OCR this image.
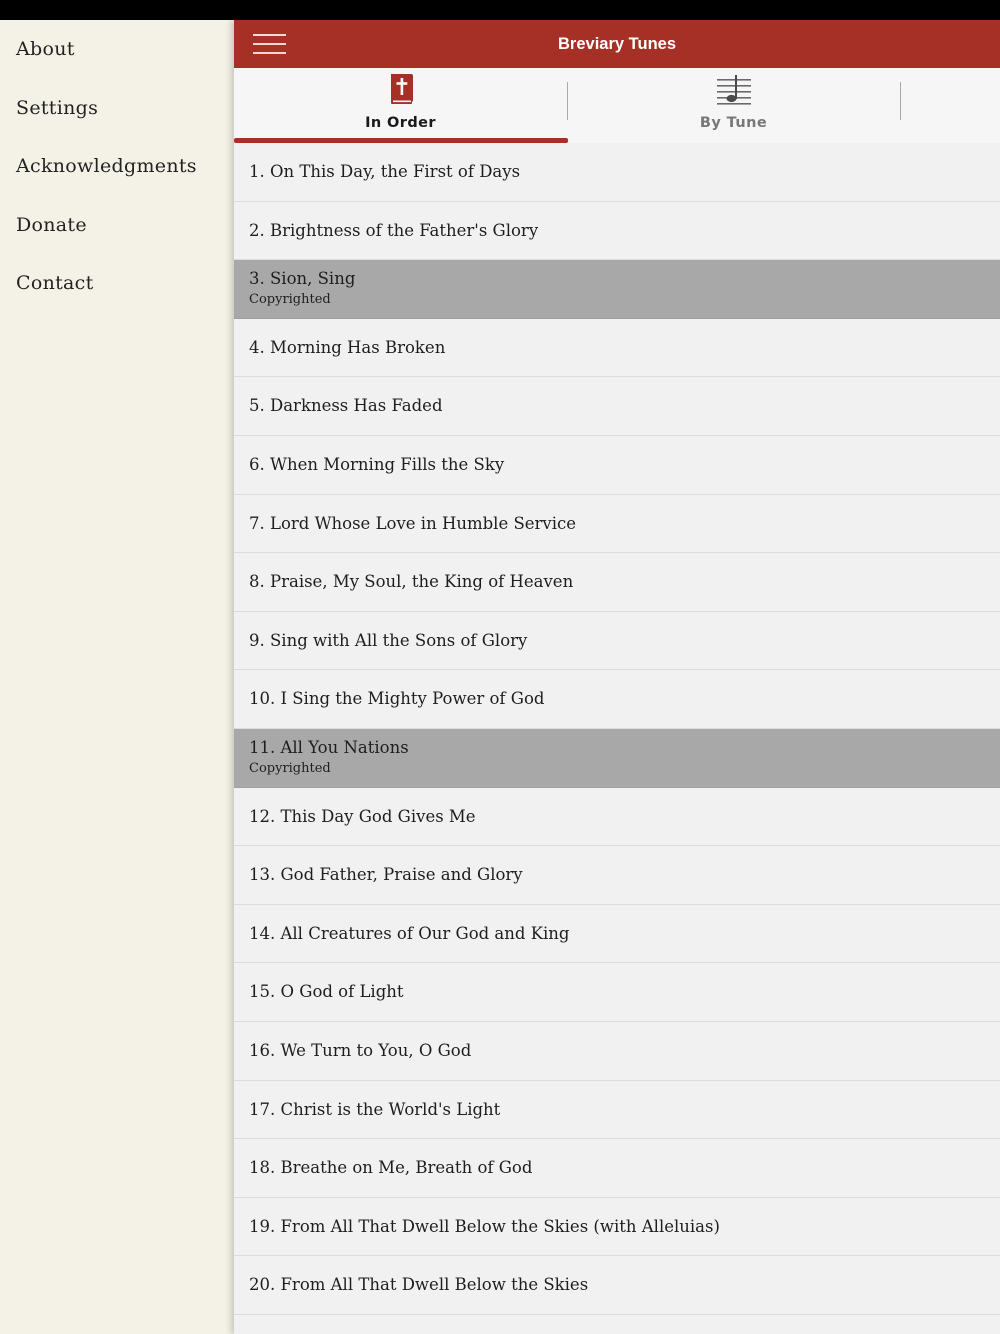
About
Settings
Acknowledgments
Donate
Contact
Breviary Tunes
In Order	By Tune
1. On This Day, the First of Days
2. Brightness of the Father's Glory
3. Sion, Sing
Copyrighted
4. Morning Has Broken
5. Darkness Has Faded
6. When Morning Fills the Sky
7. Lord Whose Love in Humble Service
8. Praise, My Soul, the King of Heaven
9. Sing with All the Sons of Glory
10. I Sing the Mighty Power of God
11. All You Nations
Copyrighted
12. This Day God Gives Me
13. God Father, Praise and Glory
14. All Creatures of Our God and King
15. O God of Light
16. We Turn to You, O God
17. Christ is the World's Light
18. Breathe on Me, Breath of God
19. From All That Dwell Below the Skies (with Alleluias)
20. From All That Dwell Below the Skies
